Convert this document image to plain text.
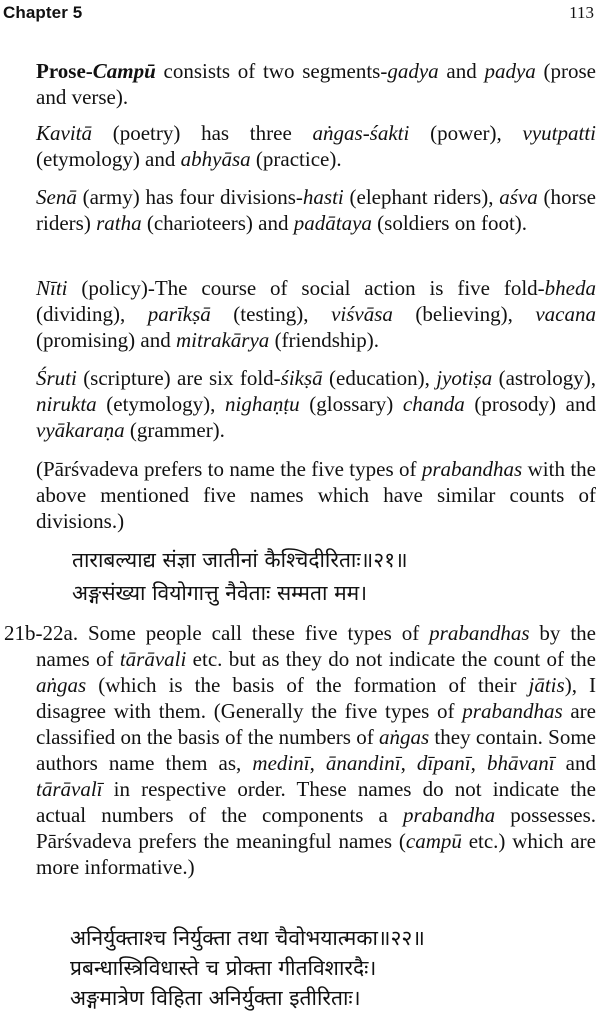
Chapter 5	113

Prose-Campū consists of two segments-gadya and padya (prose and verse).

Kavitā (poetry) has three aṅgas-śakti (power), vyutpatti (etymology) and abhyāsa (practice).

Senā (army) has four divisions-hasti (elephant riders), aśva (horse riders) ratha (charioteers) and padātaya (soldiers on foot).

Nīti (policy)-The course of social action is five fold-bheda (dividing), parīkṣā (testing), viśvāsa (believing), vacana (promising) and mitrakārya (friendship).

Śruti (scripture) are six fold-śikṣā (education), jyotiṣa (astrology), nirukta (etymology), nighaṇṭu (glossary) chanda (prosody) and vyākaraṇa (grammer).

(Pārśvadeva prefers to name the five types of prabandhas with the above mentioned five names which have similar counts of divisions.)

ताराबल्याद्य संज्ञा जातीनां कैश्चिदीरिताः॥२१॥
अङ्गसंख्या वियोगात्तु नैवेताः सम्मता मम।

21b-22a. Some people call these five types of prabandhas by the names of tārāvali etc. but as they do not indicate the count of the aṅgas (which is the basis of the formation of their jātis), I disagree with them. (Generally the five types of prabandhas are classified on the basis of the numbers of aṅgas they contain. Some authors name them as, medinī, ānandinī, dīpanī, bhāvanī and tārāvalī in respective order. These names do not indicate the actual numbers of the components a prabandha possesses. Pārśvadeva prefers the meaningful names (campū etc.) which are more informative.)

अनिर्युक्ताश्च निर्युक्ता तथा चैवोभयात्मका॥२२॥
प्रबन्धास्त्रिविधास्ते च प्रोक्ता गीतविशारदैः।
अङ्गमात्रेण विहिता अनिर्युक्ता इतीरिताः।
